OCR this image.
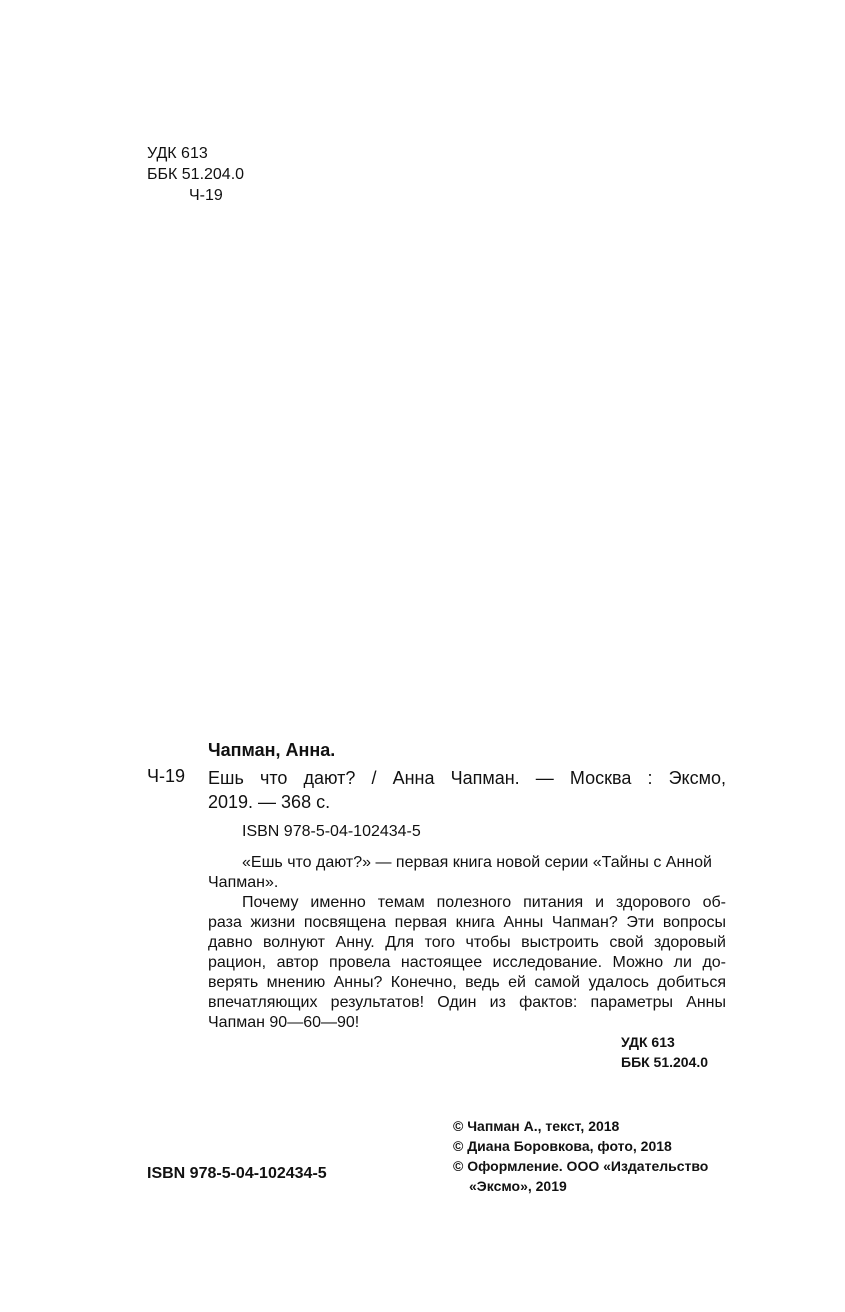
УДК 613
ББК 51.204.0
Ч-19
Чапман, Анна.
Ч-19 Ешь что дают? / Анна Чапман. — Москва : Эксмо,
2019. — 368 с.
ISBN 978-5-04-102434-5
«Ешь что дают?» — первая книга новой серии «Тайны с Анной
Чапман».
Почему именно темам полезного питания и здорового об-
раза жизни посвящена первая книга Анны Чапман? Эти вопросы
давно волнуют Анну. Для того чтобы выстроить свой здоровый
рацион, автор провела настоящее исследование. Можно ли до-
верять мнению Анны? Конечно, ведь ей самой удалось добиться
впечатляющих результатов! Один из фактов: параметры Анны
Чапман 90—60—90!
УДК 613
ББК 51.204.0
© Чапман А., текст, 2018
© Диана Боровкова, фото, 2018
© Оформление. ООО «Издательство
«Эксмо», 2019
ISBN 978-5-04-102434-5
